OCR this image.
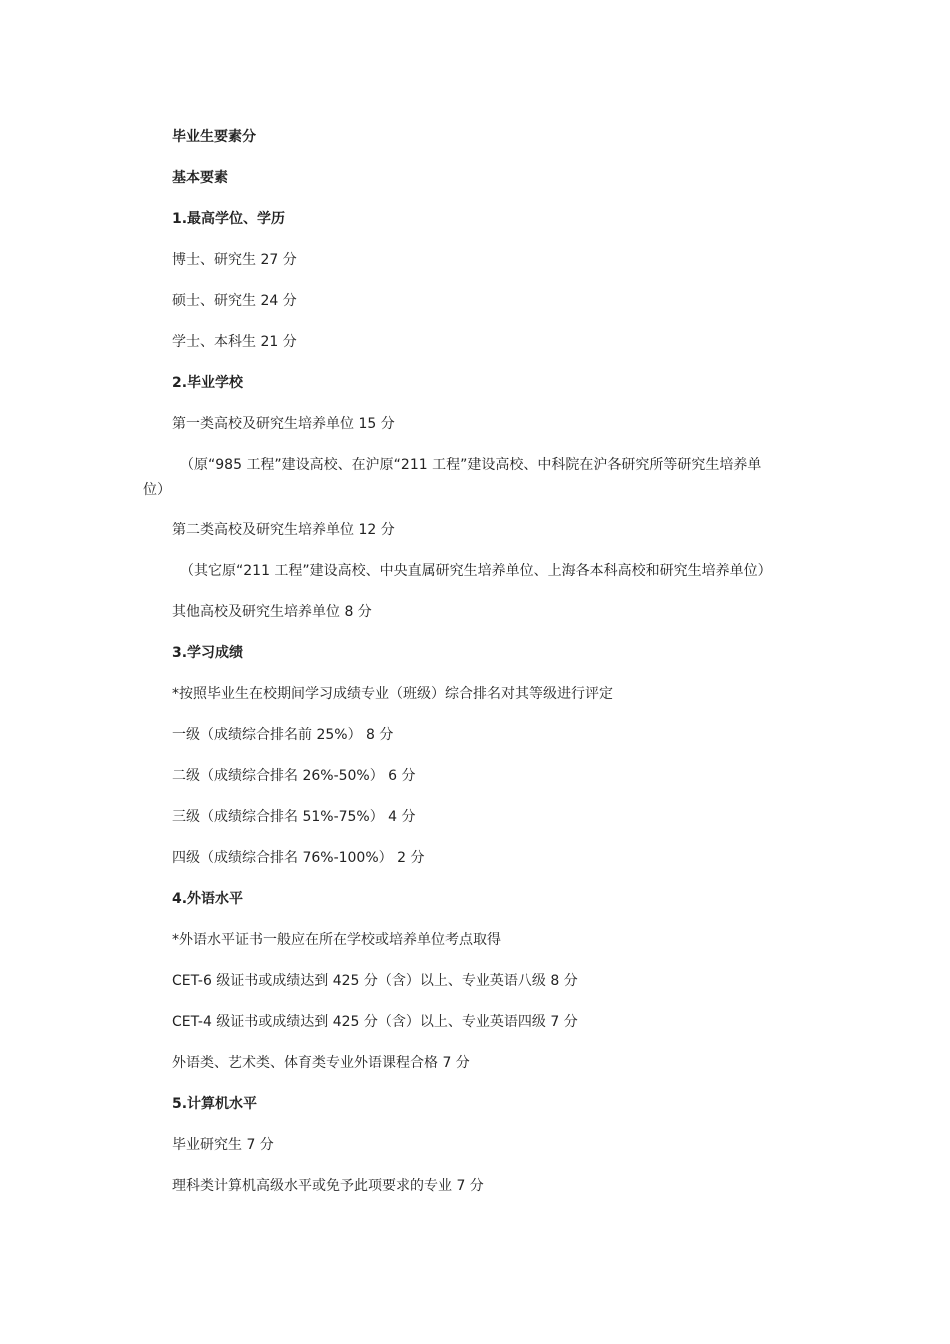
毕业生要素分
基本要素
1.最高学位、学历
博士、研究生 27 分
硕士、研究生 24 分
学士、本科生 21 分
2.毕业学校
第一类高校及研究生培养单位 15 分
（原“985 工程”建设高校、在沪原“211 工程”建设高校、中科院在沪各研究所等研究生培养单
位）
第二类高校及研究生培养单位 12 分
（其它原“211 工程”建设高校、中央直属研究生培养单位、上海各本科高校和研究生培养单位）
其他高校及研究生培养单位 8 分
3.学习成绩
*按照毕业生在校期间学习成绩专业（班级）综合排名对其等级进行评定
一级（成绩综合排名前 25%） 8 分
二级（成绩综合排名 26%-50%） 6 分
三级（成绩综合排名 51%-75%） 4 分
四级（成绩综合排名 76%-100%） 2 分
4.外语水平
*外语水平证书一般应在所在学校或培养单位考点取得
CET-6 级证书或成绩达到 425 分（含）以上、专业英语八级 8 分
CET-4 级证书或成绩达到 425 分（含）以上、专业英语四级 7 分
外语类、艺术类、体育类专业外语课程合格 7 分
5.计算机水平
毕业研究生 7 分
理科类计算机高级水平或免予此项要求的专业 7 分
